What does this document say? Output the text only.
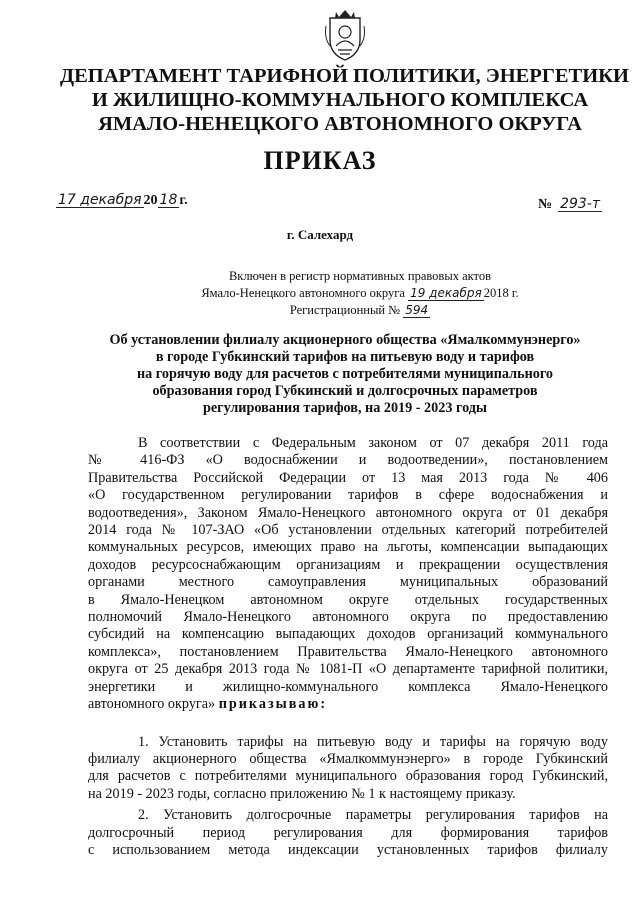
ДЕПАРТАМЕНТ ТАРИФНОЙ ПОЛИТИКИ, ЭНЕРГЕТИКИ
И ЖИЛИЩНО-КОММУНАЛЬНОГО КОМПЛЕКСА
ЯМАЛО-НЕНЕЦКОГО АВТОНОМНОГО ОКРУГА
ПРИКАЗ
17 декабря 20 18 г.	№ 293-т
г. Салехард
Включен в регистр нормативных правовых актов
Ямало-Ненецкого автономного округа 19 декабря 2018 г.
Регистрационный № 594
Об установлении филиалу акционерного общества «Ямалкоммунэнерго»
в городе Губкинский тарифов на питьевую воду и тарифов
на горячую воду для расчетов с потребителями муниципального
образования город Губкинский и долгосрочных параметров
регулирования тарифов, на 2019 - 2023 годы
В соответствии с Федеральным законом от 07 декабря 2011 года
№ 416-ФЗ «О водоснабжении и водоотведении», постановлением
Правительства Российской Федерации от 13 мая 2013 года № 406
«О государственном регулировании тарифов в сфере водоснабжения и
водоотведения», Законом Ямало-Ненецкого автономного округа от 01 декабря
2014 года № 107-ЗАО «Об установлении отдельных категорий потребителей
коммунальных ресурсов, имеющих право на льготы, компенсации выпадающих
доходов ресурсоснабжающим организациям и прекращении осуществления
органами местного самоуправления муниципальных образований
в Ямало-Ненецком автономном округе отдельных государственных
полномочий Ямало-Ненецкого автономного округа по предоставлению
субсидий на компенсацию выпадающих доходов организаций коммунального
комплекса», постановлением Правительства Ямало-Ненецкого автономного
округа от 25 декабря 2013 года № 1081-П «О департаменте тарифной политики,
энергетики и жилищно-коммунального комплекса Ямало-Ненецкого
автономного округа» приказываю:
1. Установить тарифы на питьевую воду и тарифы на горячую воду
филиалу акционерного общества «Ямалкоммунэнерго» в городе Губкинский
для расчетов с потребителями муниципального образования город Губкинский,
на 2019 - 2023 годы, согласно приложению № 1 к настоящему приказу.
2. Установить долгосрочные параметры регулирования тарифов на
долгосрочный период регулирования для формирования тарифов
с использованием метода индексации установленных тарифов филиалу
